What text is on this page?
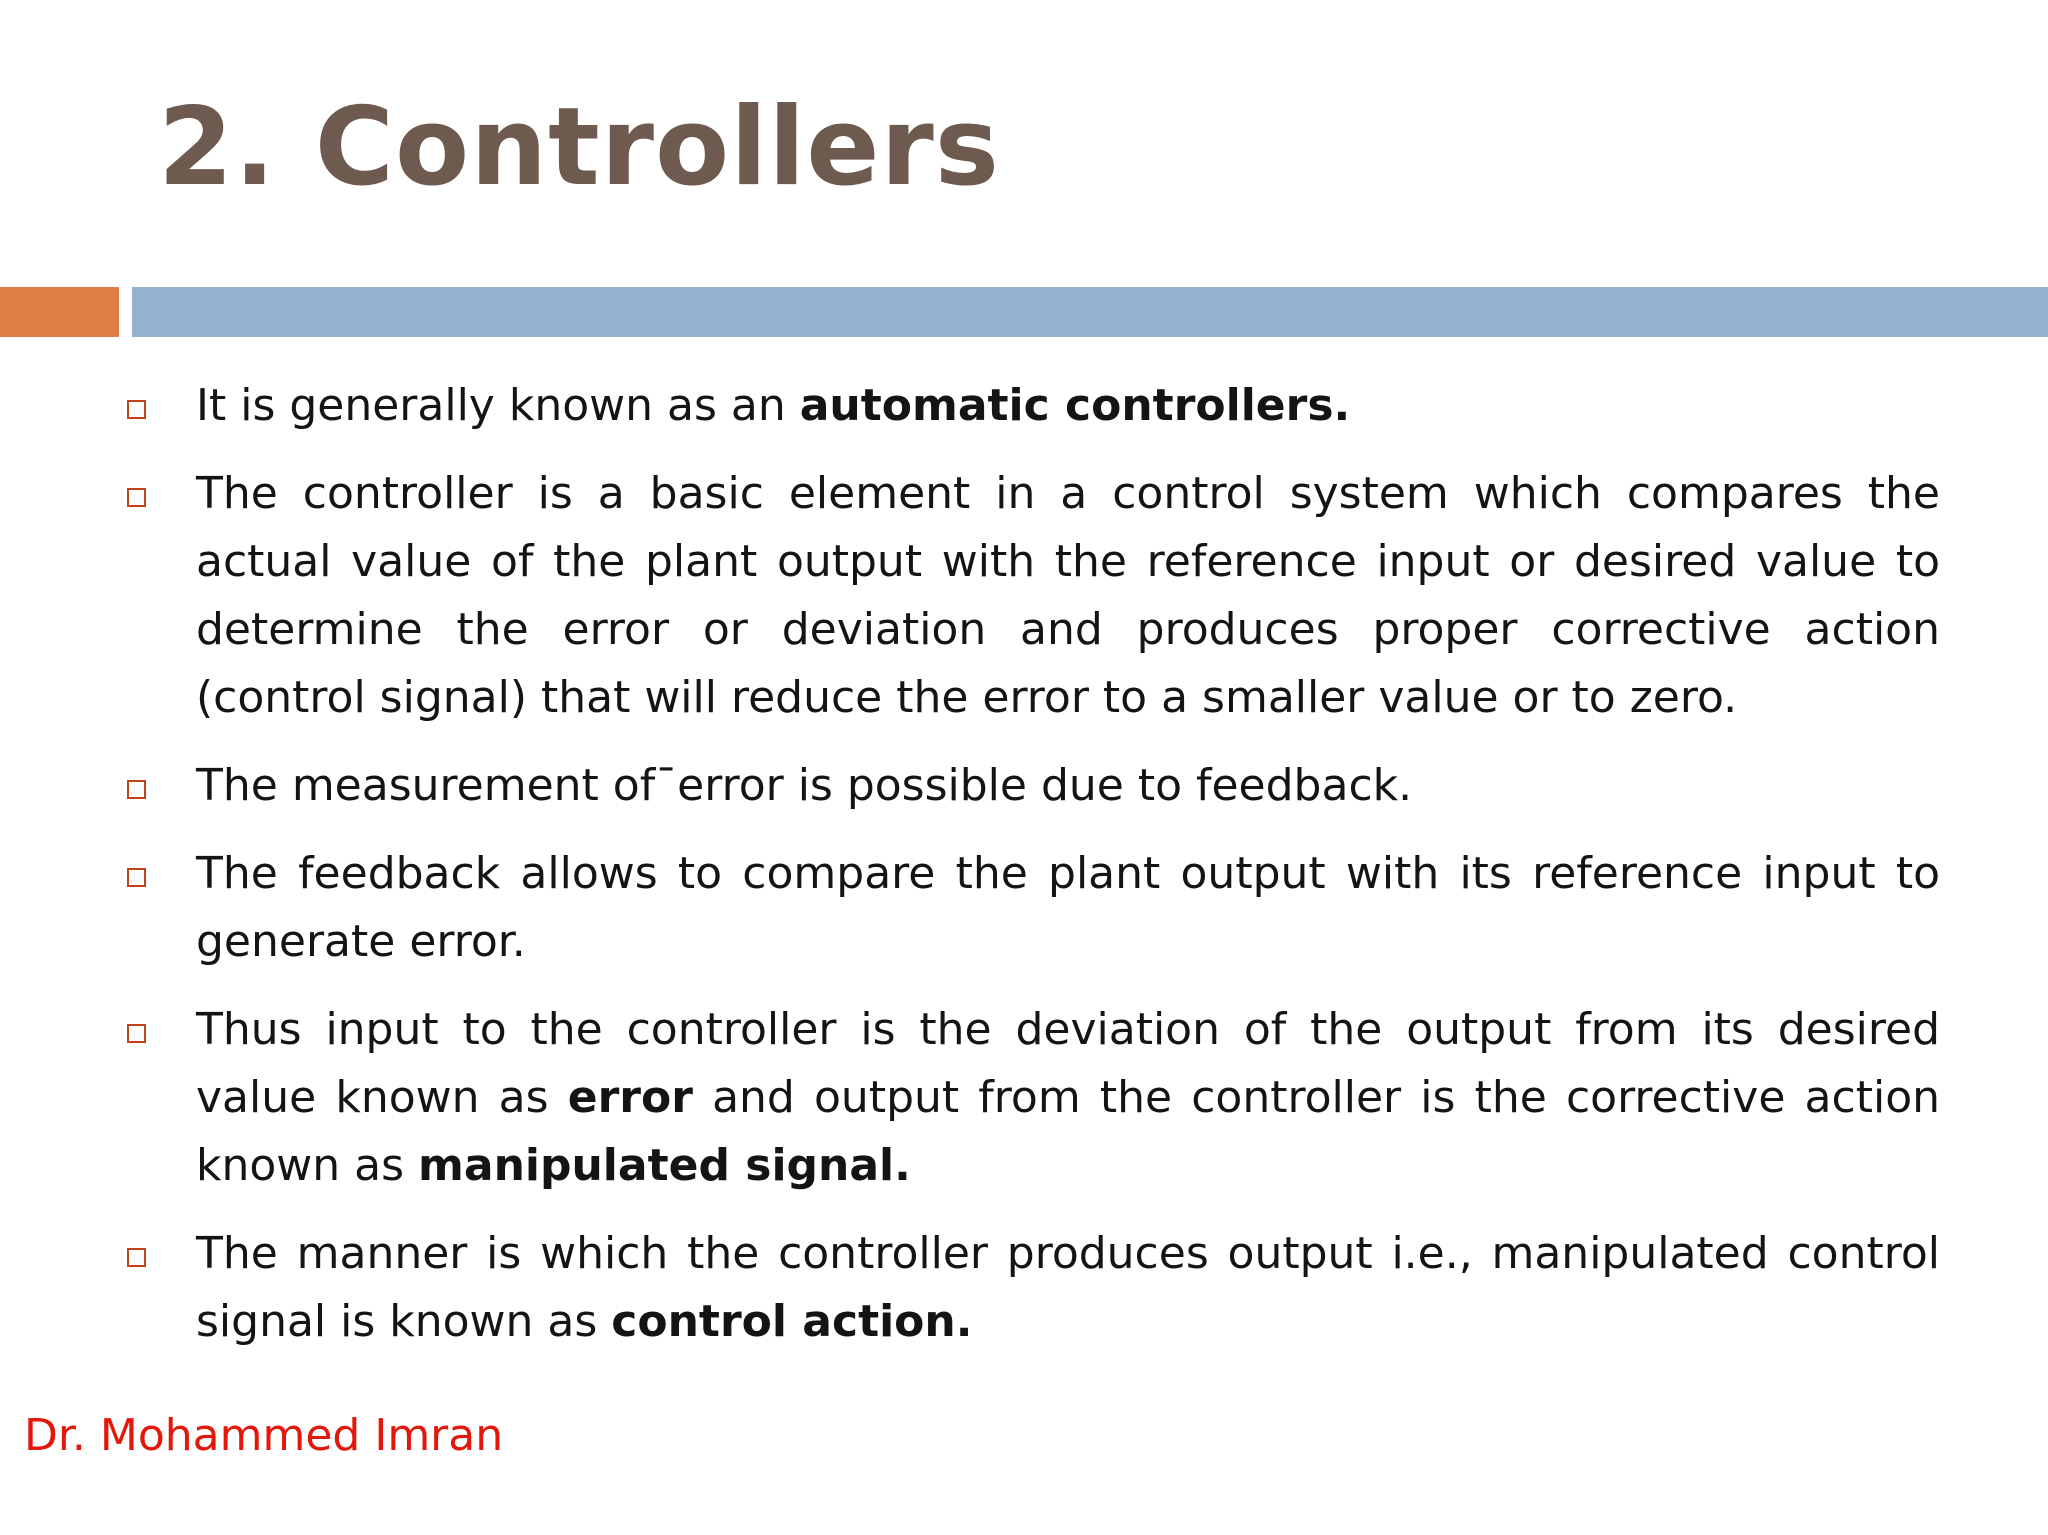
2. Controllers

It is generally known as an automatic controllers.

The controller is a basic element in a control system which compares the actual value of the plant output with the reference input or desired value to determine the error or deviation and produces proper corrective action (control signal) that will reduce the error to a smaller value or to zero.

The measurement of¯error is possible due to feedback.

The feedback allows to compare the plant output with its reference input to generate error.

Thus input to the controller is the deviation of the output from its desired value known as error and output from the controller is the corrective action known as manipulated signal.

The manner is which the controller produces output i.e., manipulated control signal is known as control action.

Dr. Mohammed Imran
